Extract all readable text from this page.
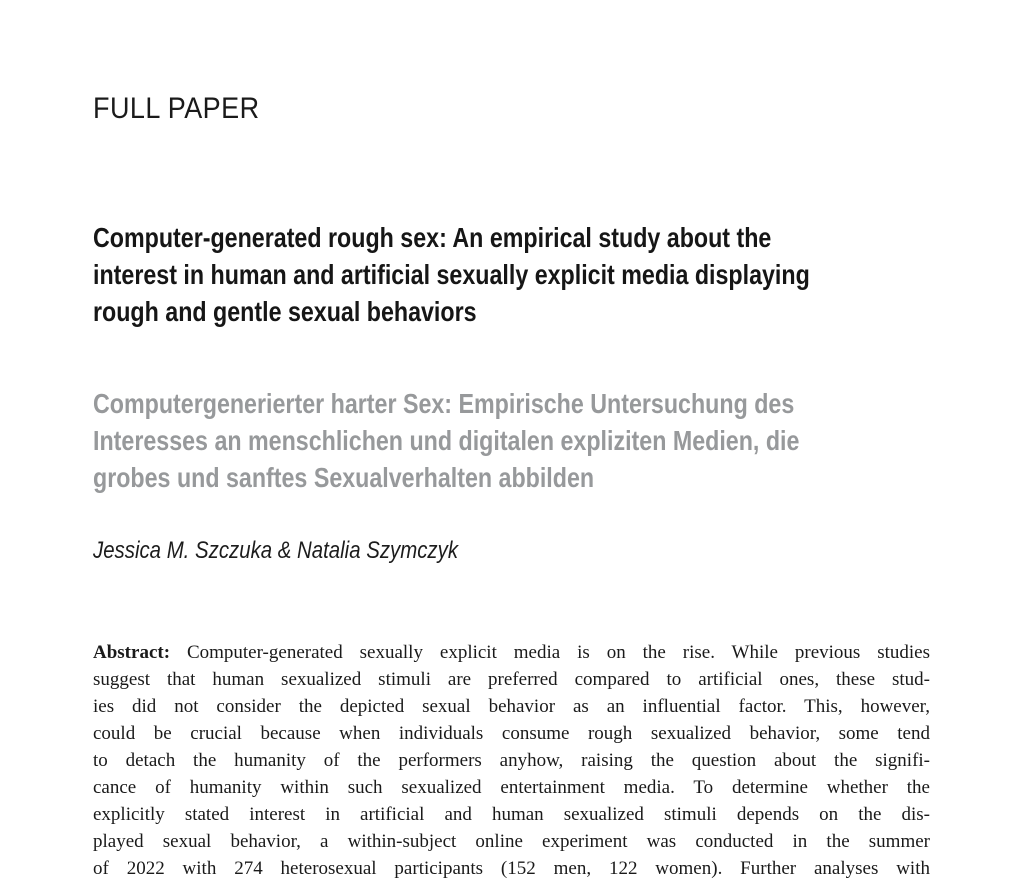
FULL PAPER
Computer-generated rough sex: An empirical study about the
interest in human and artificial sexually explicit media displaying
rough and gentle sexual behaviors
Computergenerierter harter Sex: Empirische Untersuchung des
Interesses an menschlichen und digitalen expliziten Medien, die
grobes und sanftes Sexualverhalten abbilden
Jessica M. Szczuka & Natalia Szymczyk
Abstract: Computer-generated sexually explicit media is on the rise. While previous studies
suggest that human sexualized stimuli are preferred compared to artificial ones, these stud-
ies did not consider the depicted sexual behavior as an influential factor. This, however,
could be crucial because when individuals consume rough sexualized behavior, some tend
to detach the humanity of the performers anyhow, raising the question about the signifi-
cance of humanity within such sexualized entertainment media. To determine whether the
explicitly stated interest in artificial and human sexualized stimuli depends on the dis-
played sexual behavior, a within-subject online experiment was conducted in the summer
of 2022 with 274 heterosexual participants (152 men, 122 women). Further analyses with
